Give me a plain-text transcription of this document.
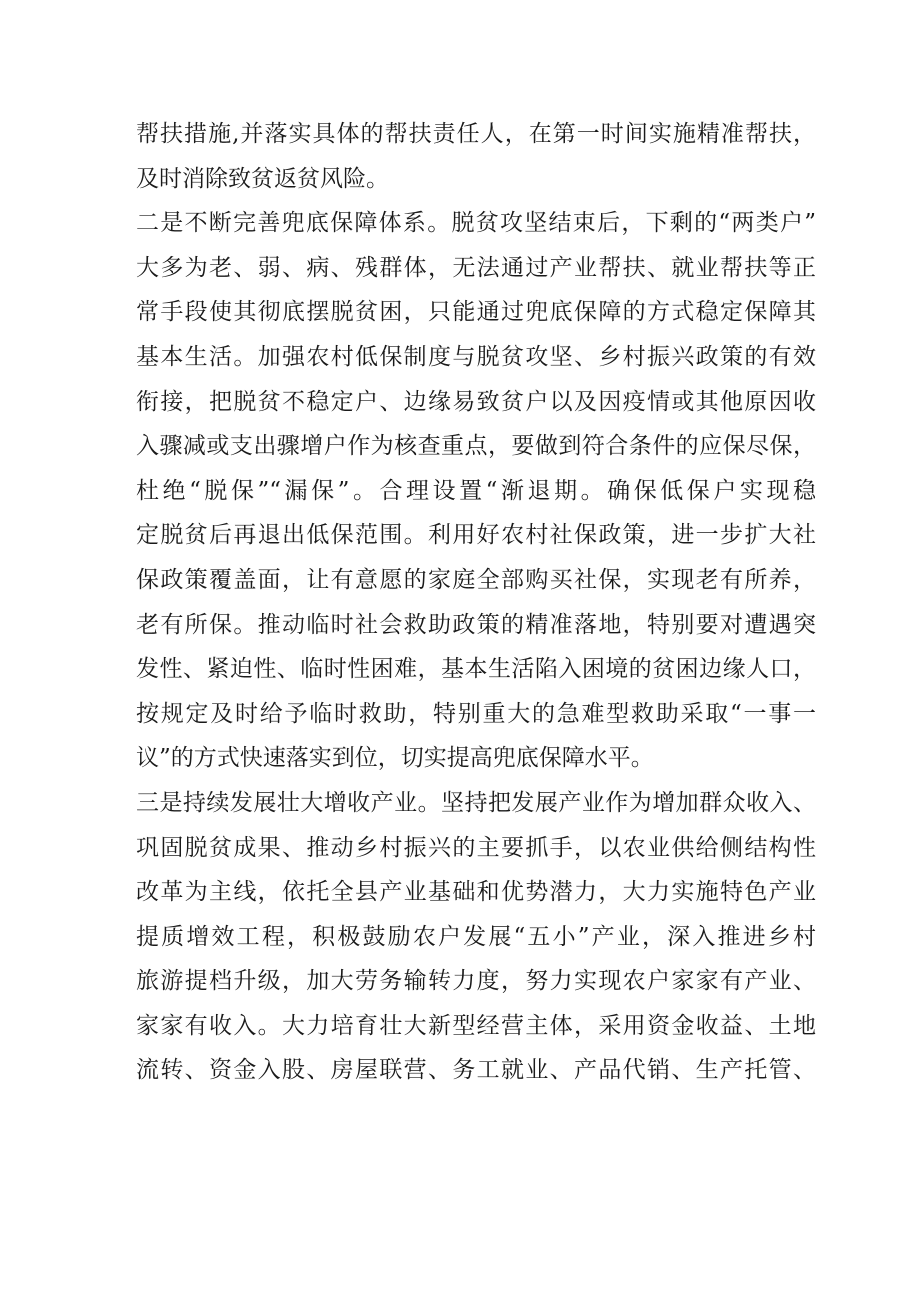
帮扶措施,并落实具体的帮扶责任人，在第一时间实施精准帮扶，
及时消除致贫返贫风险。
二是不断完善兜底保障体系。脱贫攻坚结束后，下剩的“两类户”
大多为老、弱、病、残群体，无法通过产业帮扶、就业帮扶等正
常手段使其彻底摆脱贫困，只能通过兜底保障的方式稳定保障其
基本生活。加强农村低保制度与脱贫攻坚、乡村振兴政策的有效
衔接，把脱贫不稳定户、边缘易致贫户以及因疫情或其他原因收
入骤减或支出骤增户作为核查重点，要做到符合条件的应保尽保，
杜绝“脱保”“漏保”。合理设置“渐退期。确保低保户实现稳
定脱贫后再退出低保范围。利用好农村社保政策，进一步扩大社
保政策覆盖面，让有意愿的家庭全部购买社保，实现老有所养，
老有所保。推动临时社会救助政策的精准落地，特别要对遭遇突
发性、紧迫性、临时性困难，基本生活陷入困境的贫困边缘人口，
按规定及时给予临时救助，特别重大的急难型救助采取“一事一
议”的方式快速落实到位，切实提高兜底保障水平。
三是持续发展壮大增收产业。坚持把发展产业作为增加群众收入、
巩固脱贫成果、推动乡村振兴的主要抓手，以农业供给侧结构性
改革为主线，依托全县产业基础和优势潜力，大力实施特色产业
提质增效工程，积极鼓励农户发展“五小”产业，深入推进乡村
旅游提档升级，加大劳务输转力度，努力实现农户家家有产业、
家家有收入。大力培育壮大新型经营主体，采用资金收益、土地
流转、资金入股、房屋联营、务工就业、产品代销、生产托管、
